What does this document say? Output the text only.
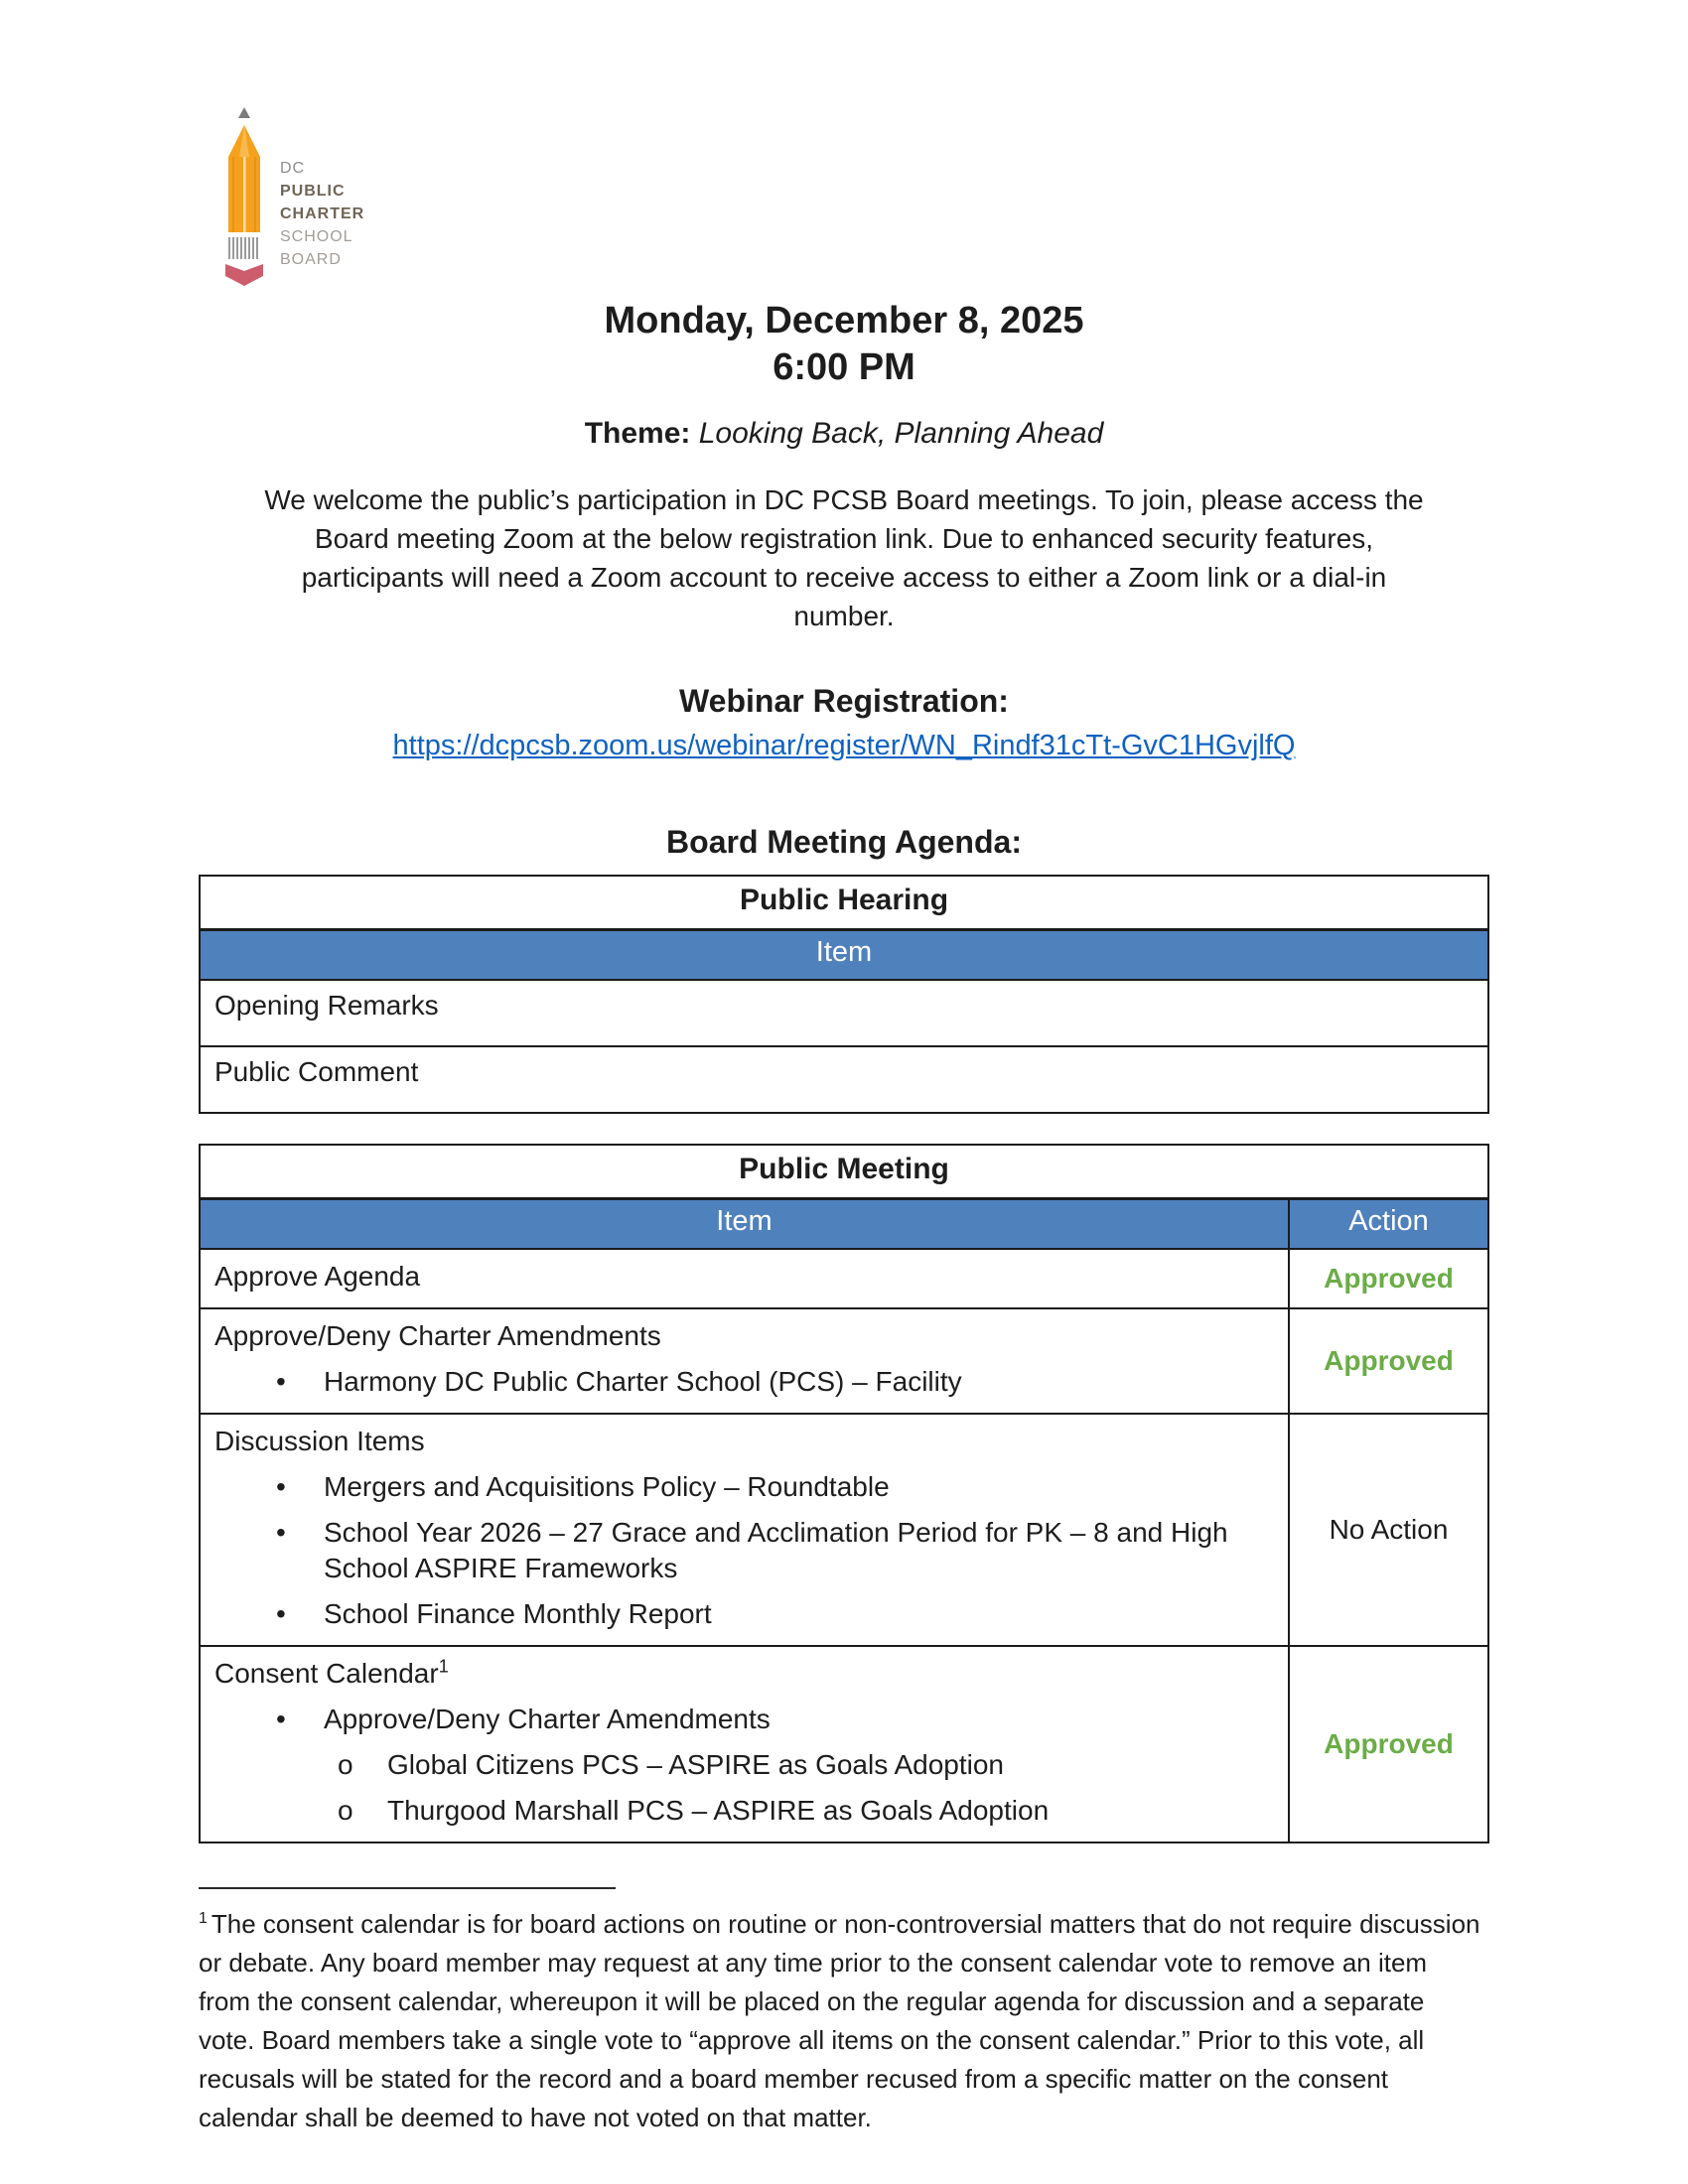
DC
PUBLIC
CHARTER
SCHOOL
BOARD
Monday, December 8, 2025
6:00 PM
Theme: Looking Back, Planning Ahead
We welcome the public’s participation in DC PCSB Board meetings. To join, please access the Board meeting Zoom at the below registration link. Due to enhanced security features, participants will need a Zoom account to receive access to either a Zoom link or a dial-in number.
Webinar Registration:
https://dcpcsb.zoom.us/webinar/register/WN_Rindf31cTt-GvC1HGvjlfQ
Board Meeting Agenda:
Public Hearing
Item
Opening Remarks
Public Comment
Public Meeting	
Item	Action

Approve Agenda	Approved

Approve/Deny Charter Amendments
• Harmony DC Public Charter School (PCS) – Facility	Approved

Discussion Items
•	Mergers and Acquisitions Policy – Roundtable
•	School Year 2026 – 27 Grace and Acclimation Period for PK – 8 and High School ASPIRE Frameworks
•	School Finance Monthly Report
	No Action

Consent Calendar$^1$
•	Approve/Deny Charter Amendments
o	Global Citizens PCS – ASPIRE as Goals Adoption
o	Thurgood Marshall PCS – ASPIRE as Goals Adoption
	Approved
$^1$ The consent calendar is for board actions on routine or non-controversial matters that do not require discussion or debate. Any board member may request at any time prior to the consent calendar vote to remove an item from the consent calendar, whereupon it will be placed on the regular agenda for discussion and a separate vote. Board members take a single vote to “approve all items on the consent calendar.” Prior to this vote, all recusals will be stated for the record and a board member recused from a specific matter on the consent calendar shall be deemed to have not voted on that matter.
